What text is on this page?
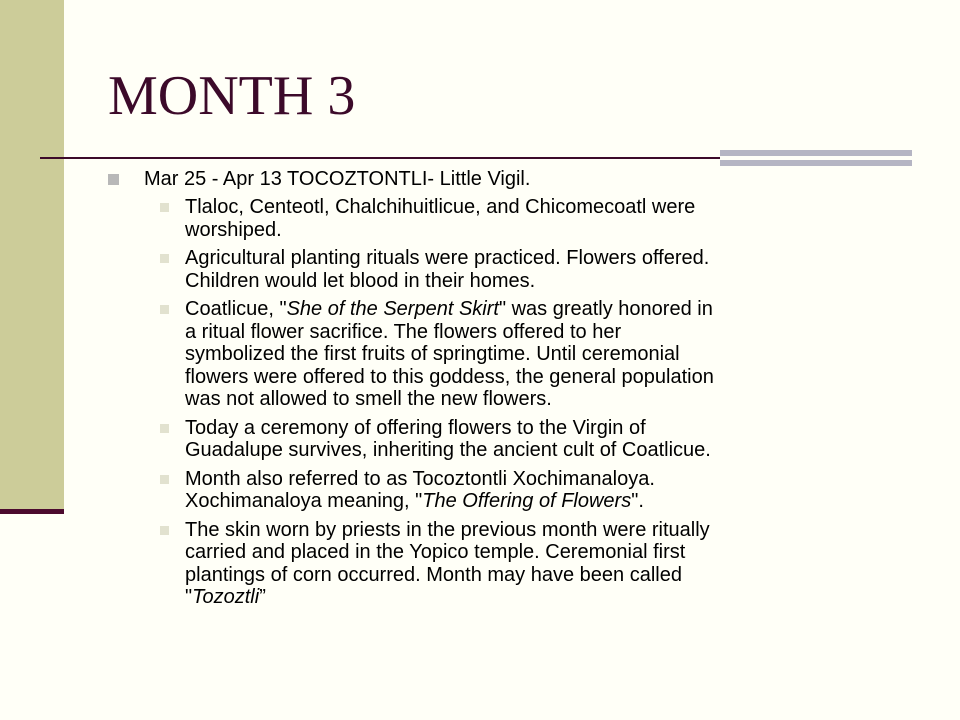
MONTH 3
Mar 25 - Apr 13 TOCOZTONTLI- Little Vigil.
Tlaloc, Centeotl, Chalchihuitlicue, and Chicomecoatl were
worshiped.
Agricultural planting rituals were practiced. Flowers offered.
Children would let blood in their homes.
Coatlicue, "She of the Serpent Skirt" was greatly honored in
a ritual flower sacrifice. The flowers offered to her
symbolized the first fruits of springtime. Until ceremonial
flowers were offered to this goddess, the general population
was not allowed to smell the new flowers.
Today a ceremony of offering flowers to the Virgin of
Guadalupe survives, inheriting the ancient cult of Coatlicue.
Month also referred to as Tocoztontli Xochimanaloya.
Xochimanaloya meaning, "The Offering of Flowers".
The skin worn by priests in the previous month were ritually
carried and placed in the Yopico temple. Ceremonial first
plantings of corn occurred. Month may have been called
"Tozoztli”
